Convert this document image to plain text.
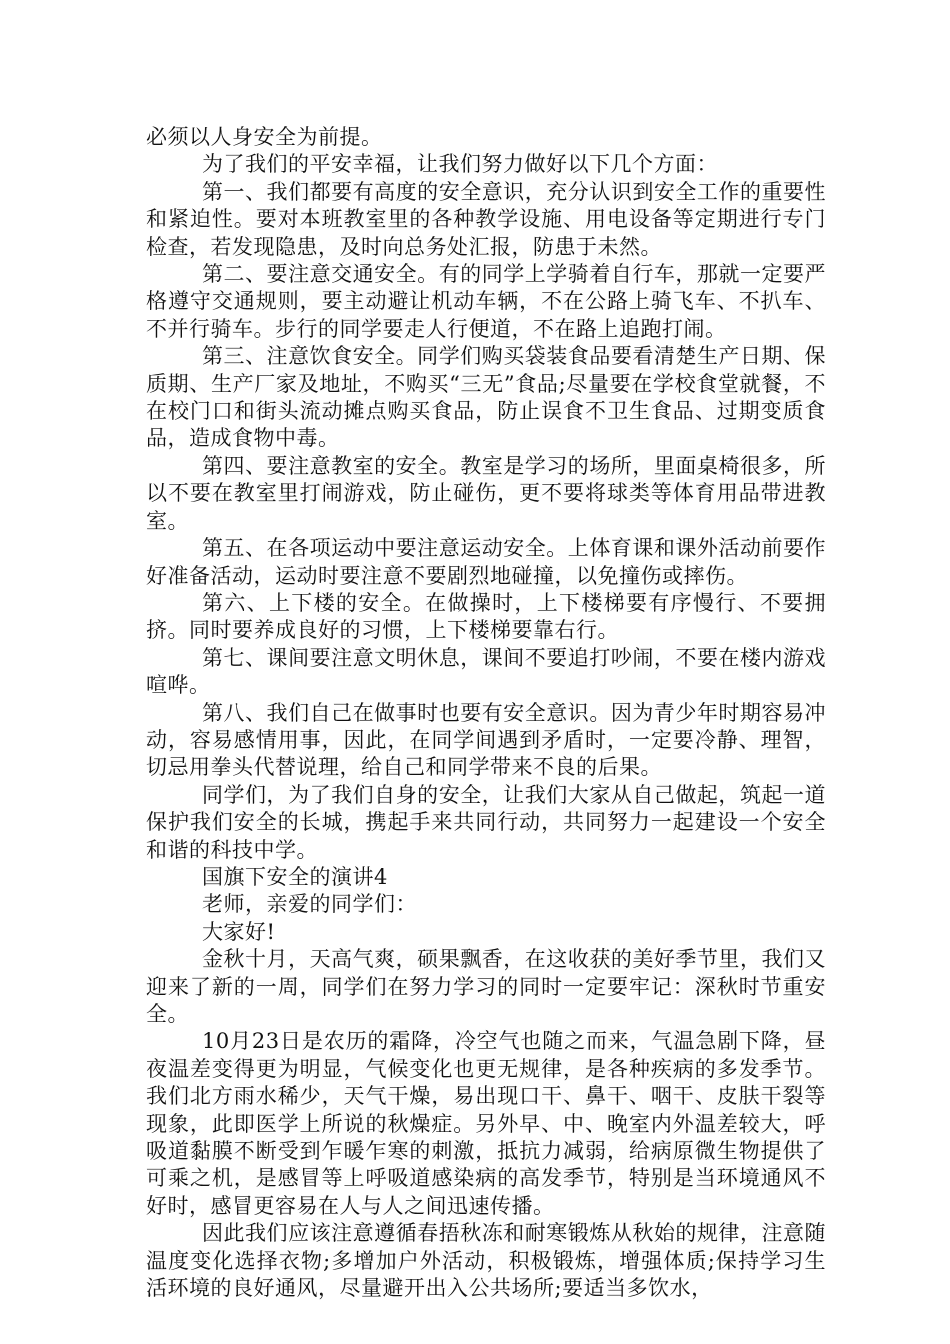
必须以人身安全为前提。

为了我们的平安幸福，让我们努力做好以下几个方面：

第一、我们都要有高度的安全意识，充分认识到安全工作的重要性和紧迫性。要对本班教室里的各种教学设施、用电设备等定期进行专门检查，若发现隐患，及时向总务处汇报，防患于未然。

第二、要注意交通安全。有的同学上学骑着自行车，那就一定要严格遵守交通规则，要主动避让机动车辆，不在公路上骑飞车、不扒车、不并行骑车。步行的同学要走人行便道，不在路上追跑打闹。

第三、注意饮食安全。同学们购买袋装食品要看清楚生产日期、保质期、生产厂家及地址，不购买“三无”食品;尽量要在学校食堂就餐，不在校门口和街头流动摊点购买食品，防止误食不卫生食品、过期变质食品，造成食物中毒。

第四、要注意教室的安全。教室是学习的场所，里面桌椅很多，所以不要在教室里打闹游戏，防止碰伤，更不要将球类等体育用品带进教室。

第五、在各项运动中要注意运动安全。上体育课和课外活动前要作好准备活动，运动时要注意不要剧烈地碰撞，以免撞伤或摔伤。

第六、上下楼的安全。在做操时，上下楼梯要有序慢行、不要拥挤。同时要养成良好的习惯，上下楼梯要靠右行。

第七、课间要注意文明休息，课间不要追打吵闹，不要在楼内游戏喧哗。

第八、我们自己在做事时也要有安全意识。因为青少年时期容易冲动，容易感情用事，因此，在同学间遇到矛盾时，一定要冷静、理智，切忌用拳头代替说理，给自己和同学带来不良的后果。

同学们，为了我们自身的安全，让我们大家从自己做起，筑起一道保护我们安全的长城，携起手来共同行动，共同努力一起建设一个安全和谐的科技中学。

国旗下安全的演讲4

老师，亲爱的同学们：

大家好!

金秋十月，天高气爽，硕果飘香，在这收获的美好季节里，我们又迎来了新的一周，同学们在努力学习的同时一定要牢记：深秋时节重安全。

10月23日是农历的霜降，冷空气也随之而来，气温急剧下降，昼夜温差变得更为明显，气候变化也更无规律，是各种疾病的多发季节。我们北方雨水稀少，天气干燥，易出现口干、鼻干、咽干、皮肤干裂等现象，此即医学上所说的秋燥症。另外早、中、晚室内外温差较大，呼吸道黏膜不断受到乍暖乍寒的刺激，抵抗力减弱，给病原微生物提供了可乘之机，是感冒等上呼吸道感染病的高发季节，特别是当环境通风不好时，感冒更容易在人与人之间迅速传播。

因此我们应该注意遵循春捂秋冻和耐寒锻炼从秋始的规律，注意随温度变化选择衣物;多增加户外活动，积极锻炼，增强体质;保持学习生活环境的良好通风，尽量避开出入公共场所;要适当多饮水，
